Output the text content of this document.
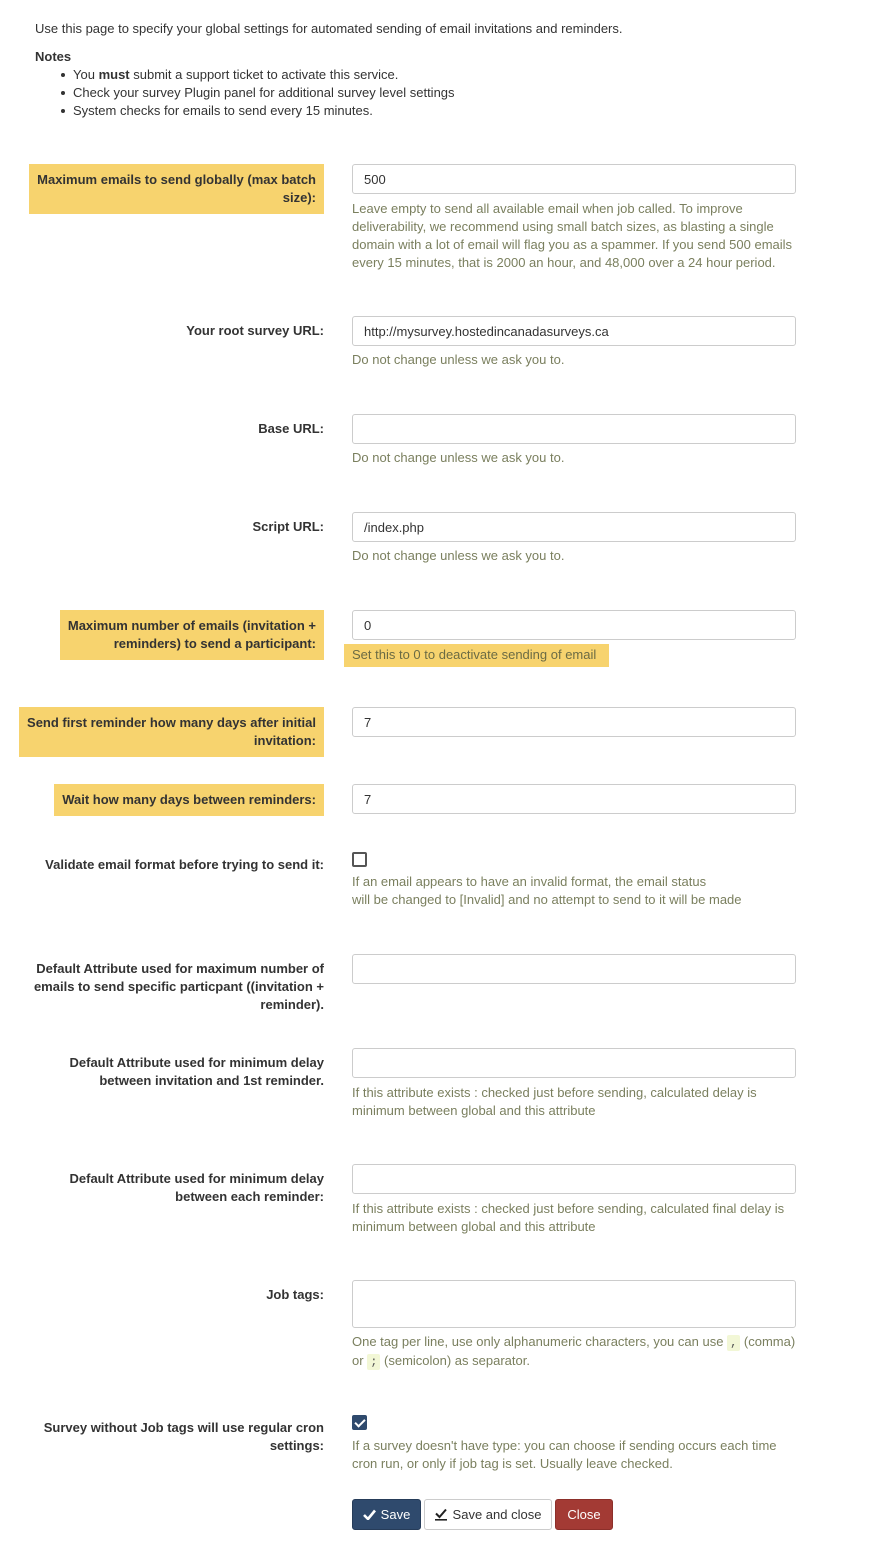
Use this page to specify your global settings for automated sending of email invitations and reminders.
Notes
You must submit a support ticket to activate this service.
Check your survey Plugin panel for additional survey level settings
System checks for emails to send every 15 minutes.
Maximum emails to send globally (max batch
size):
500
Leave empty to send all available email when job called. To improve deliverability, we recommend using small batch sizes, as blasting a single domain with a lot of email will flag you as a spammer. If you send 500 emails every 15 minutes, that is 2000 an hour, and 48,000 over a 24 hour period.
Your root survey URL:
http://mysurvey.hostedincanadasurveys.ca
Do not change unless we ask you to.
Base URL:
Do not change unless we ask you to.
Script URL:
/index.php
Do not change unless we ask you to.
Maximum number of emails (invitation +
reminders) to send a participant:
0
Set this to 0 to deactivate sending of email
Send first reminder how many days after initial
invitation:
7
Wait how many days between reminders:
7
Validate email format before trying to send it:
If an email appears to have an invalid format, the email status
will be changed to [Invalid] and no attempt to send to it will be made
Default Attribute used for maximum number of
emails to send specific particpant ((invitation +
reminder).
Default Attribute used for minimum delay
between invitation and 1st reminder.
If this attribute exists : checked just before sending, calculated delay is minimum between global and this attribute
Default Attribute used for minimum delay
between each reminder:
If this attribute exists : checked just before sending, calculated final delay is minimum between global and this attribute
Job tags:
One tag per line, use only alphanumeric characters, you can use , (comma)
or ; (semicolon) as separator.
Survey without Job tags will use regular cron
settings: If a survey doesn't have type: you can choose if sending occurs each time cron run, or only if job tag is set. Usually leave checked.
Save	Save and close Close
